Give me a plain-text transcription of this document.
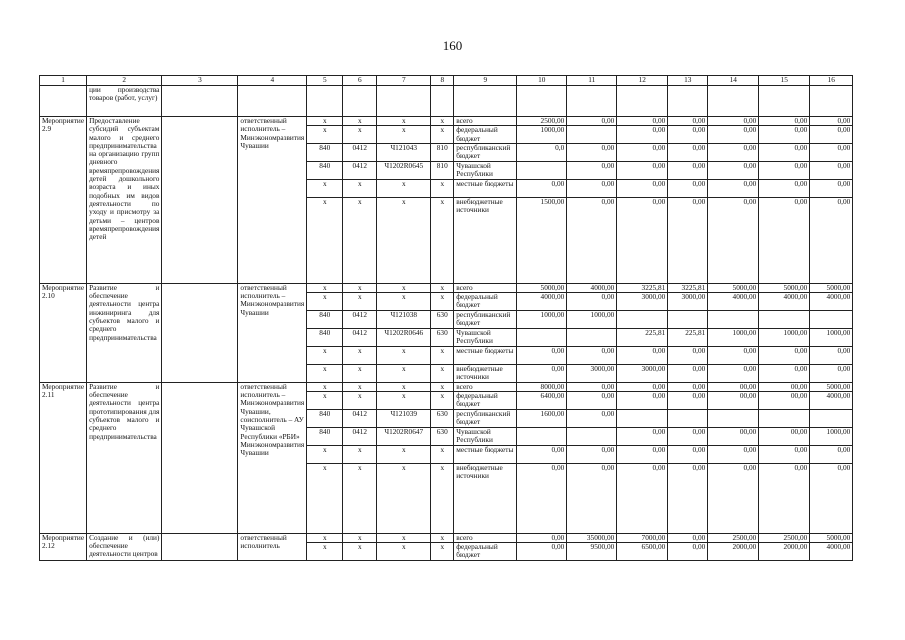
160
1	2	3	4	5	6	7	8	9	10	11	12	13	14	15	16
	ции производства товаров (работ, услуг)														
Мероприятие 2.9	Предоставление субсидий субъектам малого и среднего предпринимательства на организацию групп дневного времяпрепровождения детей дошкольного возраста и иных подобных им видов деятельности по уходу и присмотру за детьми – центров времяпрепровождения детей		ответственный исполнитель – Минэкономразвития Чувашии	x	x	x	x	всего	2500,00	0,00	0,00	0,00	0,00	0,00	0,00
				x	x	x	x	федеральный бюджет	1000,00		0,00	0,00	0,00	0,00	0,00
				840	0412	Ч121043	810	республиканский бюджет	0,0	0,00	0,00	0,00	0,00	0,00	0,00
				840	0412	Ч1202R0645	810	Чувашской Республики		0,00	0,00	0,00	0,00	0,00	0,00
				x	x	x	x	местные бюджеты	0,00	0,00	0,00	0,00	0,00	0,00	0,00
				x	x	x	x	внебюджетные источники	1500,00	0,00	0,00	0,00	0,00	0,00	0,00
Мероприятие 2.10	Развитие и обеспечение деятельности центра инжиниринга для субъектов малого и среднего предпринимательства		ответственный исполнитель – Минэкономразвития Чувашии	x	x	x	x	всего	5000,00	4000,00	3225,81	3225,81	5000,00	5000,00	5000,00
				x	x	x	x	федеральный бюджет	4000,00	0,00	3000,00	3000,00	4000,00	4000,00	4000,00
				840	0412	Ч121038	630	республиканский бюджет	1000,00	1000,00					
				840	0412	Ч1202R0646	630	Чувашской Республики			225,81	225,81	1000,00	1000,00	1000,00
				x	x	x	x	местные бюджеты	0,00	0,00	0,00	0,00	0,00	0,00	0,00
				x	x	x	x	внебюджетные источники	0,00	3000,00	3000,00	0,00	0,00	0,00	0,00
Мероприятие 2.11	Развитие и обеспечение деятельности центра прототипирования для субъектов малого и среднего предпринимательства		ответственный исполнитель – Минэкономразвития Чувашии, соисполнитель – АУ Чувашской Республики «РБИ» Минэкономразвития Чувашии	x	x	x	x	всего	8000,00	0,00	0,00	0,00	00,00	00,00	5000,00
				x	x	x	x	федеральный бюджет	6400,00	0,00	0,00	0,00	00,00	00,00	4000,00
				840	0412	Ч121039	630	республиканский бюджет	1600,00	0,00					
				840	0412	Ч1202R0647	630	Чувашской Республики			0,00	0,00	00,00	00,00	1000,00
				x	x	x	x	местные бюджеты	0,00	0,00	0,00	0,00	0,00	0,00	0,00
				x	x	x	x	внебюджетные источники	0,00	0,00	0,00	0,00	0,00	0,00	0,00
Мероприятие 2.12	Создание и (или) обеспечение деятельности центров		ответственный исполнитель	x	x	x	x	всего	0,00	35000,00	7000,00	0,00	2500,00	2500,00	5000,00
				x	x	x	x	федеральный бюджет	0,00	9500,00	6500,00	0,00	2000,00	2000,00	4000,00
